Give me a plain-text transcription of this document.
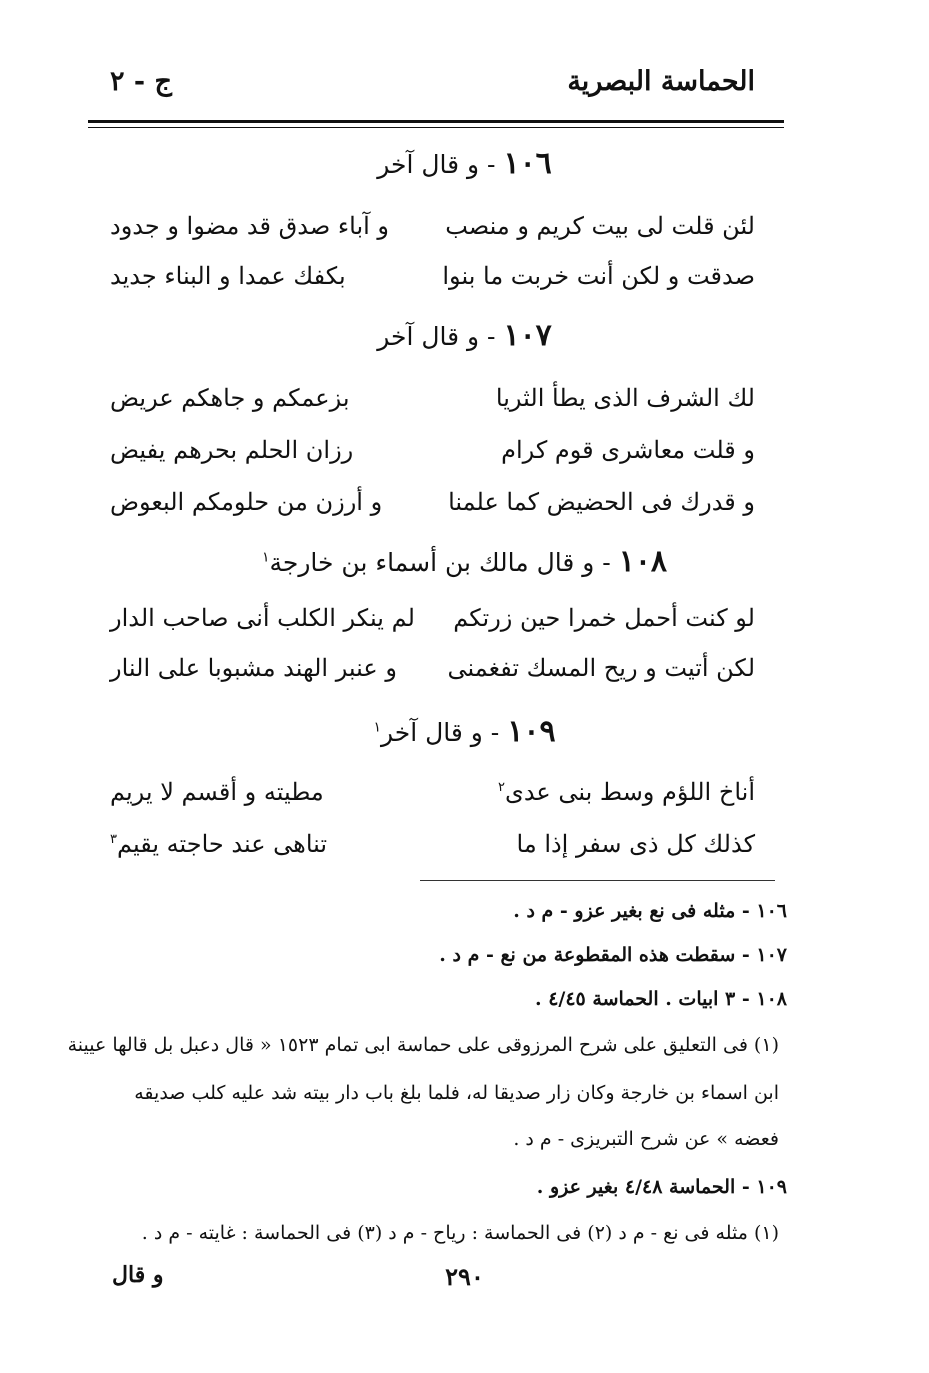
الحماسة البصرية
ج - ٢
١٠٦ - و قال آخر
لئن قلت لى بيت كريم و منصب
و آباء صدق قد مضوا و جدود
صدقت و لكن أنت خربت ما بنوا
بكفك عمدا و البناء جديد
١٠٧ - و قال آخر
لك الشرف الذى يطأ الثريا
بزعمكم و جاهكم عريض
و قلت معاشرى قوم كرام
رزان الحلم بحرهم يفيض
و قدرك فى الحضيض كما علمنا
و أرزن من حلومكم البعوض
١٠٨ - و قال مالك بن أسماء بن خارجة$^١$
لو كنت أحمل خمرا حين زرتكم
لم ينكر الكلب أنى صاحب الدار
لكن أتيت و ريح المسك تفغمنى
و عنبر الهند مشبوبا على النار
١٠٩ - و قال آخر$^١$
أناخ اللؤم وسط بنى عدى$^٢$
مطيته و أقسم لا يريم
كذلك كل ذى سفر إذا ما
تناهى عند حاجته يقيم$^٣$
١٠٦ - مثله فى نع بغير عزو - م د .
١٠٧ - سقطت هذه المقطوعة من نع - م د .
١٠٨ - ٣ ابيات . الحماسة ٤/٤٥ .
(١) فى التعليق على شرح المرزوقى على حماسة ابى تمام ١٥٢٣ « قال دعبل بل قالها عيينة
ابن اسماء بن خارجة وكان زار صديقا له، فلما بلغ باب دار بيته شد عليه كلب صديقه
فعضه » عن شرح التبريزى - م د .
١٠٩ - الحماسة ٤/٤٨ بغير عزو .
(١) مثله فى نع - م د (٢) فى الحماسة : رياح - م د (٣) فى الحماسة : غايته - م د .
٢٩٠
و قال
